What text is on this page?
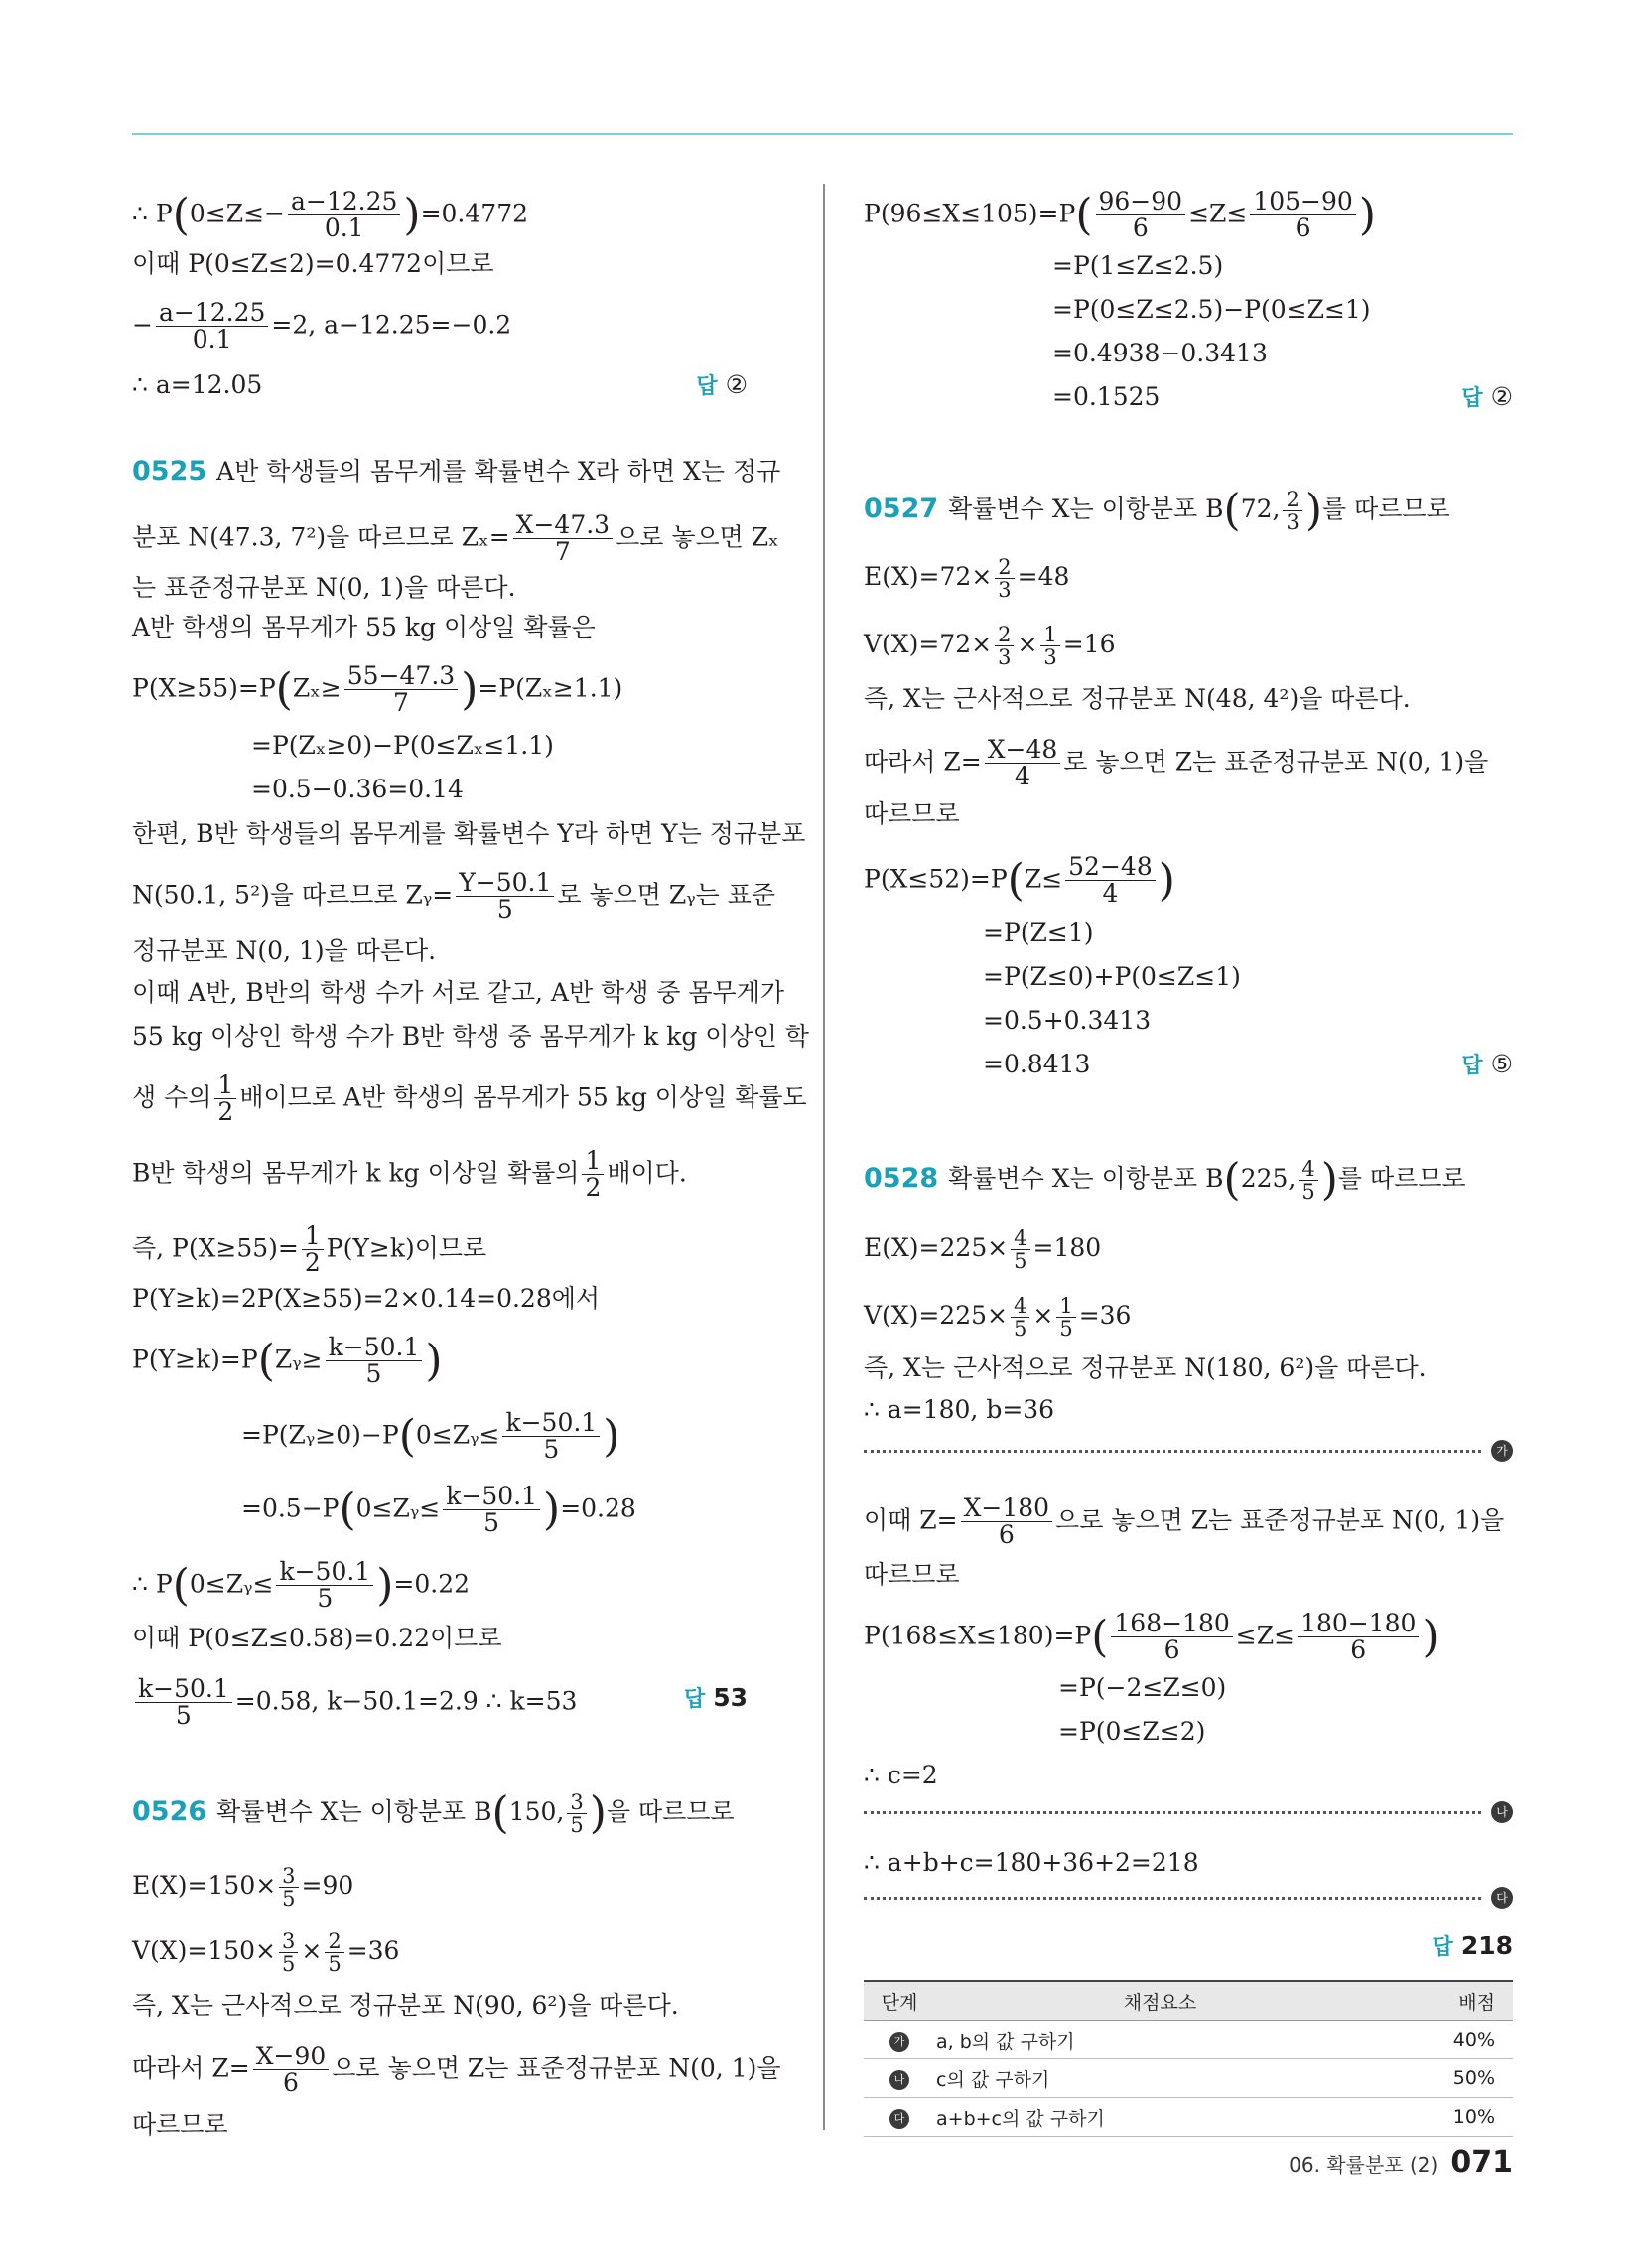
∴ $P(0\le Z\le- \frac{a-12.25}{0.1} )=0.4772$
이때 P(0≤Z≤2)=0.4772이므로
− $\frac{a-12.25}{0.1} =2$, a−12.25=−0.2
∴ a=12.05	답 ②
0525 A반 학생들의 몸무게를 확률변수 X라 하면 X는 정규
분포 N(47.3, 7²)을 따르므로 $Z_x= \frac{X-47.3}{7}$ 으로 놓으면 Zₓ
는 표준정규분포 N(0, 1)을 따른다.
A반 학생의 몸무게가 55 kg 이상일 확률은
$P(X\ge 55)=P(Z_x\ge \frac{55-47.3}{7} )=P(Z_x\ge 1.1)$
=P(Zₓ≥0)−P(0≤Zₓ≤1.1)
=0.5−0.36=0.14
한편, B반 학생들의 몸무게를 확률변수 Y라 하면 Y는 정규분포
N(50.1, 5²)을 따르므로 Zᵧ= $\frac{Y-50.1}{5}$ 로 놓으면 Zᵧ는 표준
정규분포 N(0, 1)을 따른다.
이때 A반, B반의 학생 수가 서로 같고, A반 학생 중 몸무게가
55 kg 이상인 학생 수가 B반 학생 중 몸무게가 k kg 이상인 학
생 수의 $\frac{1}{2}$ 배이므로 A반 학생의 몸무게가 55 kg 이상일 확률도
B반 학생의 몸무게가 k kg 이상일 확률의 $\frac{1}{2}$ 배이다.
즉, $P(X\ge 55)= \frac{1}{2} P(Y\ge k)$이므로
P(Y≥k)=2P(X≥55)=2×0.14=0.28에서
P(Y≥k)=P(Zᵧ≥ $\frac{k-50.1}{5}$ )
=P(Zᵧ≥0)−P(0≤Zᵧ≤ $\frac{k-50.1}{5}$ )
=0.5−P(0≤Zᵧ≤ $\frac{k-50.1}{5} )=0.28$
∴ P(0≤Zᵧ≤ $\frac{k-50.1}{5} )=0.22$
이때 P(0≤Z≤0.58)=0.22이므로
$\frac{k-50.1}{5} =0.58$, k−50.1=2.9 ∴ k=53	답 53
0526 확률변수 X는 이항분포 B(150, $\frac{3}{5}$ )을 따르므로
$E(X)=150\times \frac{3}{5} =90$
$V(X)=150\times \frac{3}{5} \times \frac{2}{5} =36$
즉, X는 근사적으로 정규분포 N(90, 6²)을 따른다.
따라서 $Z= \frac{X-90}{6}$ 으로 놓으면 Z는 표준정규분포 N(0, 1)을
따르므로
$P(96\le X\le 105)=P( \frac{96-90}{6} \le Z\le \frac{105-90}{6}$ )
=P(1≤Z≤2.5)
=P(0≤Z≤2.5)−P(0≤Z≤1)
=0.4938−0.3413
=0.1525	답 ②
0527 확률변수 X는 이항분포 B(72, $\frac{2}{3}$ )를 따르므로
$E(X)=72\times \frac{2}{3} =48$
$V(X)=72\times \frac{2}{3} \times \frac{1}{3} =16$
즉, X는 근사적으로 정규분포 N(48, 4²)을 따른다.
따라서 $Z= \frac{X-48}{4}$ 로 놓으면 Z는 표준정규분포 N(0, 1)을
따르므로
$P(X\le 52)=P(Z\le \frac{52-48}{4}$ )
=P(Z≤1)
=P(Z≤0)+P(0≤Z≤1)
=0.5+0.3413
=0.8413	답 ⑤
0528 확률변수 X는 이항분포 B(225, $\frac{4}{5}$ )를 따르므로
$E(X)=225\times \frac{4}{5} =180$
$V(X)=225\times \frac{4}{5} \times \frac{1}{5} =36$
즉, X는 근사적으로 정규분포 N(180, 6²)을 따른다.
∴ a=180, b=36
가
이때 $Z= \frac{X-180}{6}$ 으로 놓으면 Z는 표준정규분포 N(0, 1)을
따르므로
$P(168\le X\le 180)=P( \frac{168-180}{6} \le Z\le \frac{180-180}{6}$ )
=P(−2≤Z≤0)
=P(0≤Z≤2)
∴ c=2
나
∴ a+b+c=180+36+2=218
다
답 218
단계	채점요소	배점
가	a, b의 값 구하기	40%
나	c의 값 구하기	50%
다	a+b+c의 값 구하기	10%
06. 확률분포 (2) 071
